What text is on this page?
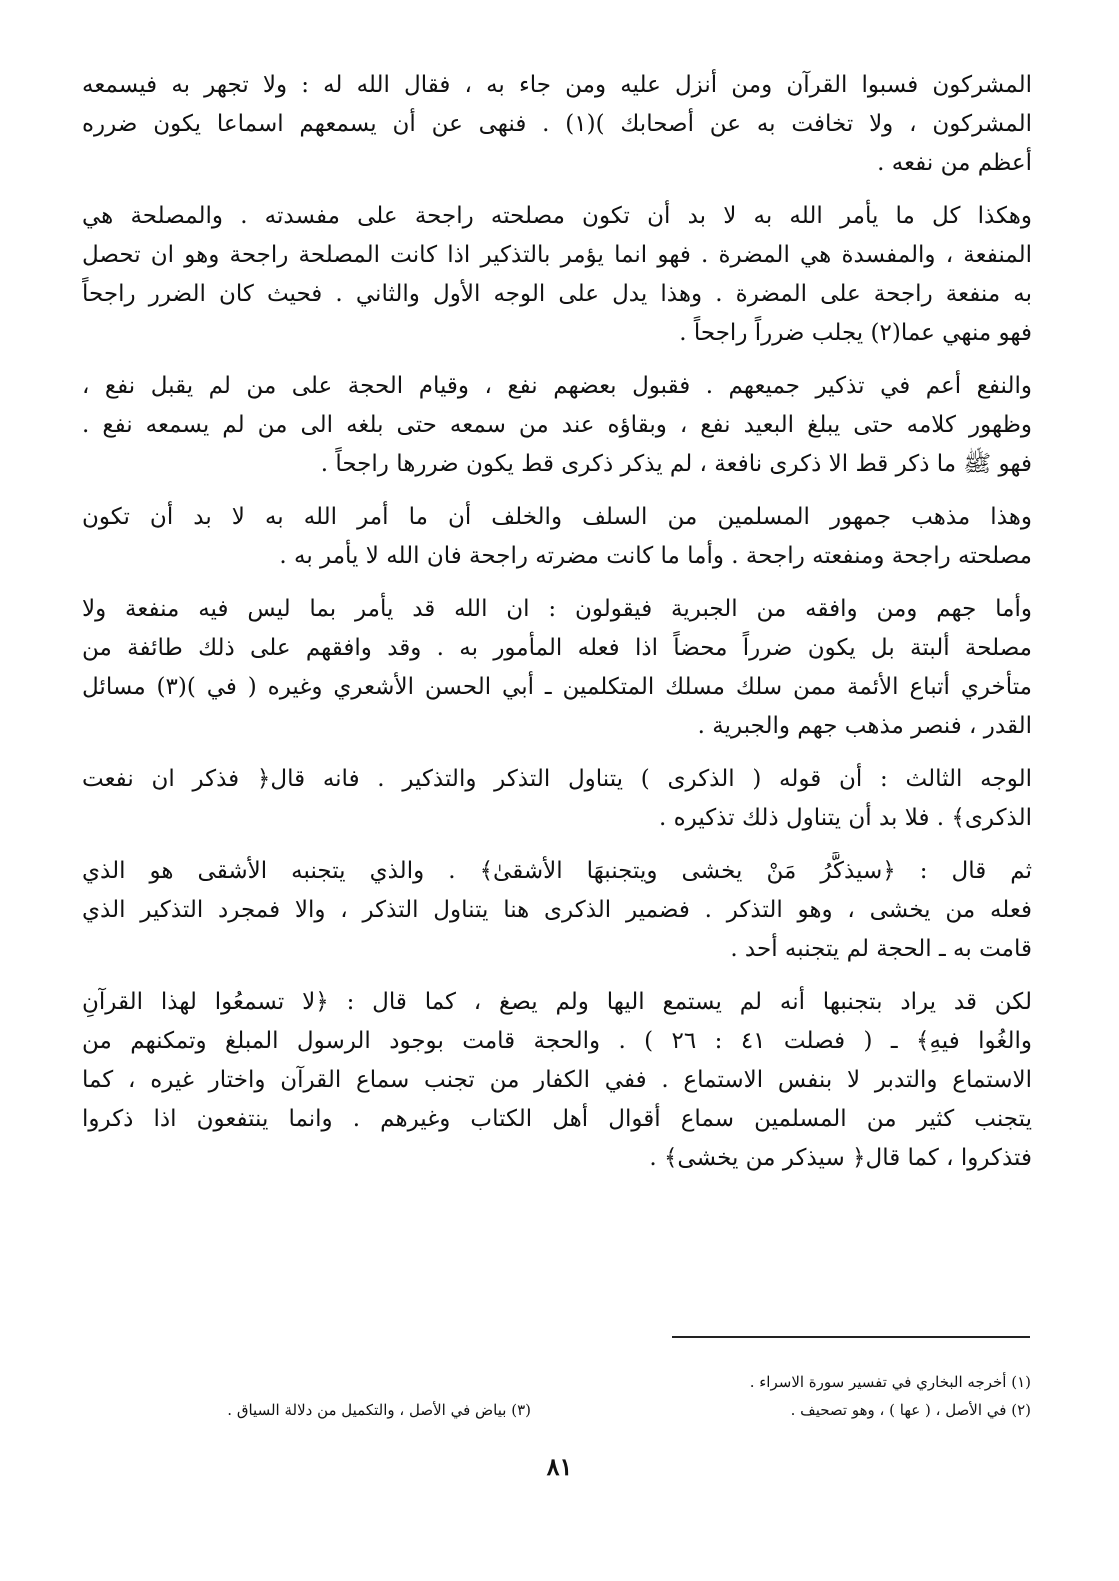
المشركون فسبوا القرآن ومن أنزل عليه ومن جاء به ، فقال الله له : ولا تجهر به فيسمعه
المشركون ، ولا تخافت به عن أصحابك )(١) . فنهى عن أن يسمعهم اسماعا يكون ضرره
أعظم من نفعه .

وهكذا كل ما يأمر الله به لا بد أن تكون مصلحته راجحة على مفسدته . والمصلحة هي
المنفعة ، والمفسدة هي المضرة . فهو انما يؤمر بالتذكير اذا كانت المصلحة راجحة وهو ان تحصل
به منفعة راجحة على المضرة . وهذا يدل على الوجه الأول والثاني . فحيث كان الضرر راجحاً
فهو منهي عما(٢) يجلب ضرراً راجحاً .

والنفع أعم في تذكير جميعهم . فقبول بعضهم نفع ، وقيام الحجة على من لم يقبل نفع ،
وظهور كلامه حتى يبلغ البعيد نفع ، وبقاؤه عند من سمعه حتى بلغه الى من لم يسمعه نفع .
فهو ﷺ ما ذكر قط الا ذكرى نافعة ، لم يذكر ذكرى قط يكون ضررها راجحاً .

وهذا مذهب جمهور المسلمين من السلف والخلف أن ما أمر الله به لا بد أن تكون
مصلحته راجحة ومنفعته راجحة . وأما ما كانت مضرته راجحة فان الله لا يأمر به .

وأما جهم ومن وافقه من الجبرية فيقولون : ان الله قد يأمر بما ليس فيه منفعة ولا
مصلحة ألبتة بل يكون ضرراً محضاً اذا فعله المأمور به . وقد وافقهم على ذلك طائفة من
متأخري أتباع الأئمة ممن سلك مسلك المتكلمين ـ أبي الحسن الأشعري وغيره ( في )(٣) مسائل
القدر ، فنصر مذهب جهم والجبرية .

الوجه الثالث : أن قوله ( الذكرى ) يتناول التذكر والتذكير . فانه قال﴿ فذكر ان نفعت
الذكرى﴾ . فلا بد أن يتناول ذلك تذكيره .

ثم قال : ﴿سيذكَّرُ مَنْ يخشى ويتجنبهَا الأشقىٰ﴾ . والذي يتجنبه الأشقى هو الذي
فعله من يخشى ، وهو التذكر . فضمير الذكرى هنا يتناول التذكر ، والا فمجرد التذكير الذي
قامت به ـ الحجة لم يتجنبه أحد .

لكن قد يراد بتجنبها أنه لم يستمع اليها ولم يصغ ، كما قال : ﴿لا تسمعُوا لهذا القرآنِ
والغُوا فيهِ﴾ ـ ( فصلت ٤١ : ٢٦ ) . والحجة قامت بوجود الرسول المبلغ وتمكنهم من
الاستماع والتدبر لا بنفس الاستماع . ففي الكفار من تجنب سماع القرآن واختار غيره ، كما
يتجنب كثير من المسلمين سماع أقوال أهل الكتاب وغيرهم . وانما ينتفعون اذا ذكروا
فتذكروا ، كما قال﴿ سيذكر من يخشى﴾ .

(١) أخرجه البخاري في تفسير سورة الاسراء .
(٢) في الأصل ، ( عها ) ، وهو تصحيف .
(٣) بياض في الأصل ، والتكميل من دلالة السياق .
٨١
